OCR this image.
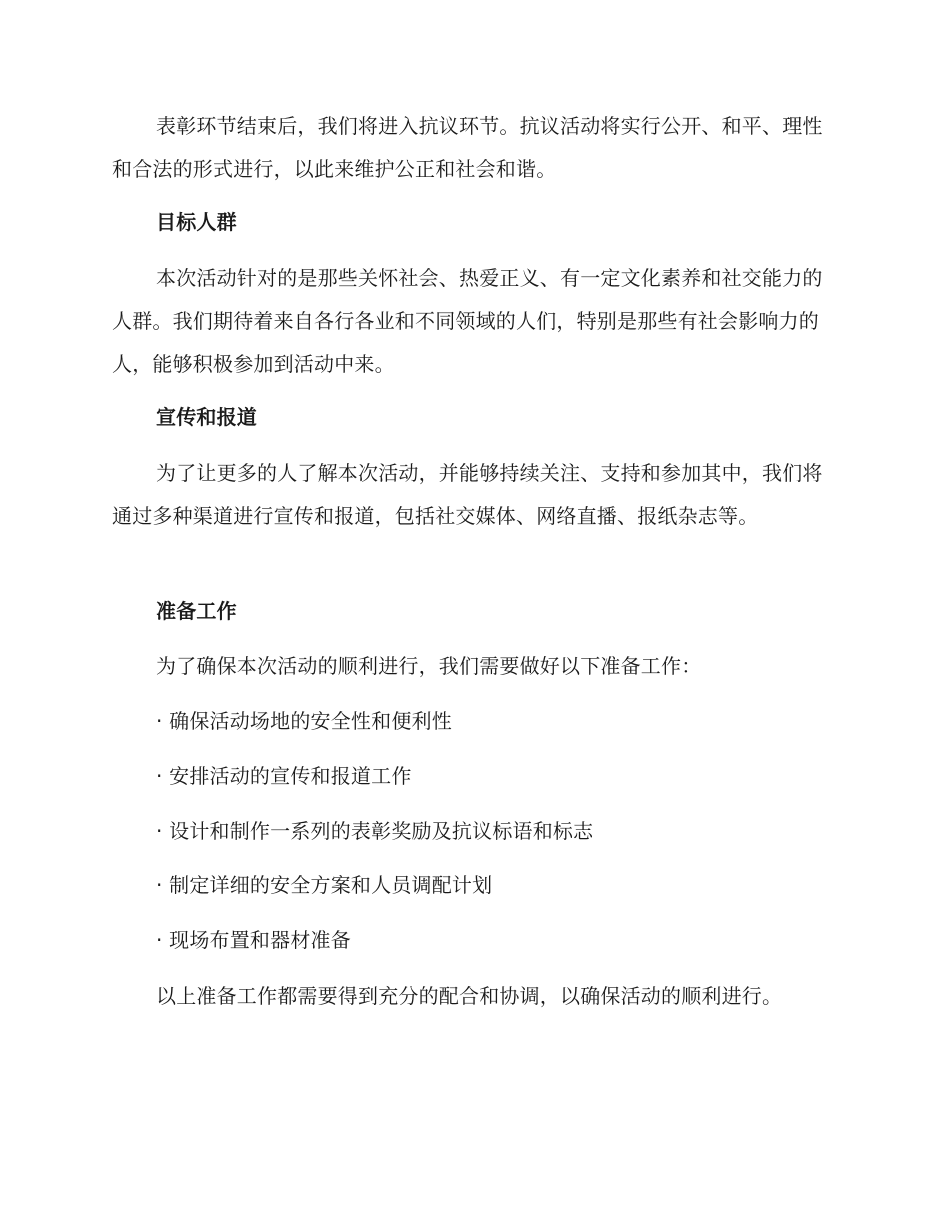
表彰环节结束后，我们将进入抗议环节。抗议活动将实行公开、和平、理性和合法的形式进行，以此来维护公正和社会和谐。
目标人群
本次活动针对的是那些关怀社会、热爱正义、有一定文化素养和社交能力的人群。我们期待着来自各行各业和不同领域的人们，特别是那些有社会影响力的人，能够积极参加到活动中来。
宣传和报道
为了让更多的人了解本次活动，并能够持续关注、支持和参加其中，我们将通过多种渠道进行宣传和报道，包括社交媒体、网络直播、报纸杂志等。
准备工作
为了确保本次活动的顺利进行，我们需要做好以下准备工作：
· 确保活动场地的安全性和便利性
· 安排活动的宣传和报道工作
· 设计和制作一系列的表彰奖励及抗议标语和标志
· 制定详细的安全方案和人员调配计划
· 现场布置和器材准备
以上准备工作都需要得到充分的配合和协调，以确保活动的顺利进行。
